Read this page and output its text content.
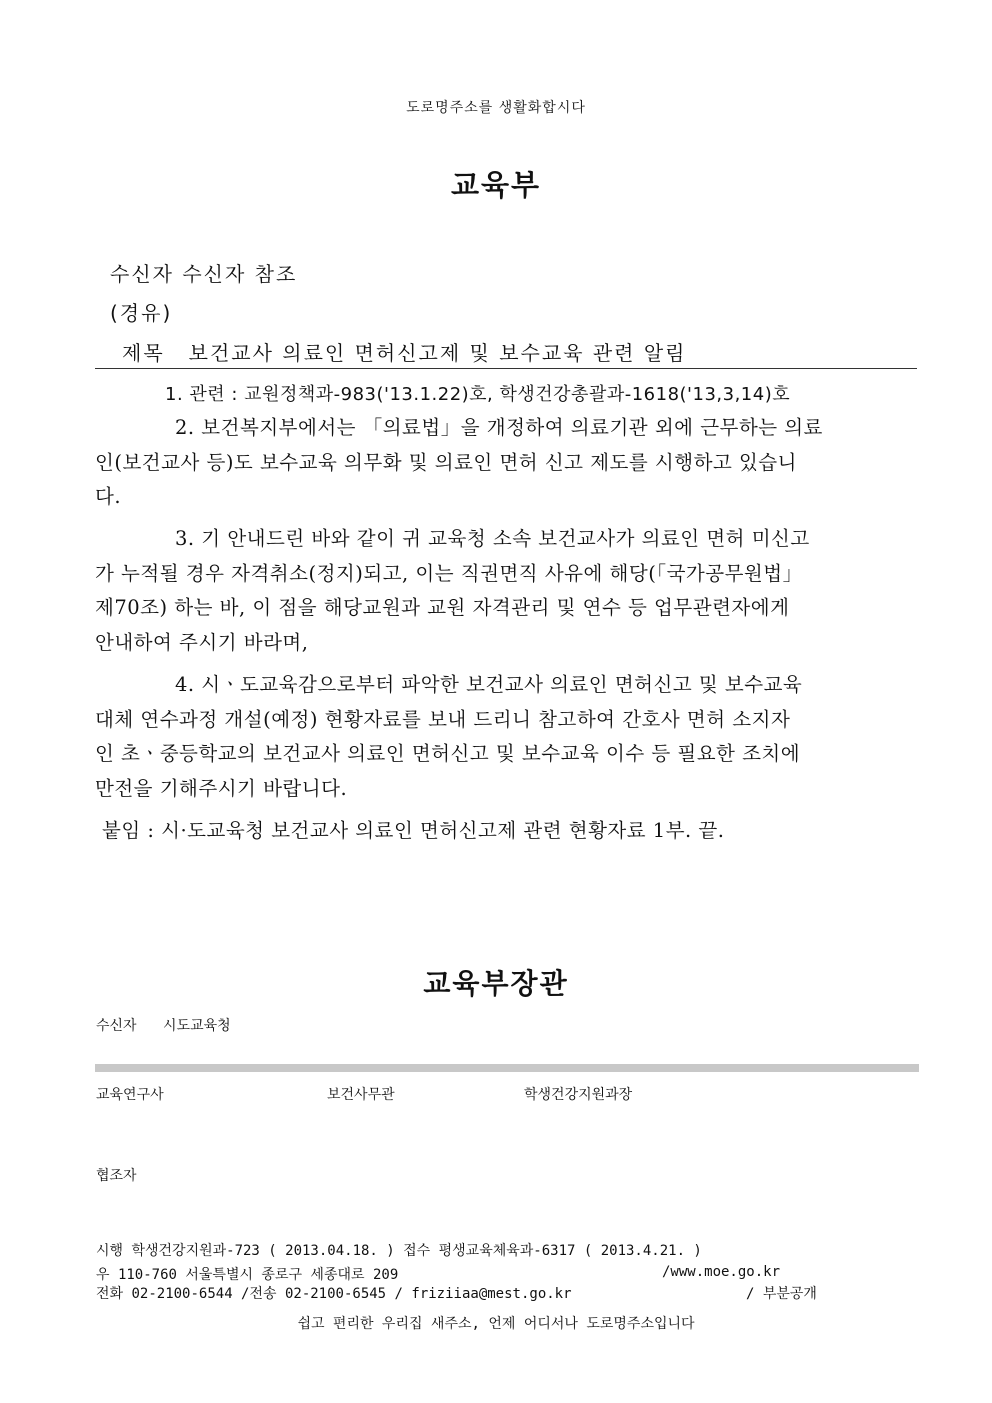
도로명주소를 생활화합시다
교육부
수신자 수신자 참조
(경유)
제목 보건교사 의료인 면허신고제 및 보수교육 관련 알림
1. 관련 : 교원정책과-983('13.1.22)호, 학생건강총괄과-1618('13,3,14)호
2. 보건복지부에서는 「의료법」을 개정하여 의료기관 외에 근무하는 의료
인(보건교사 등)도 보수교육 의무화 및 의료인 면허 신고 제도를 시행하고 있습니
다.
3. 기 안내드린 바와 같이 귀 교육청 소속 보건교사가 의료인 면허 미신고
가 누적될 경우 자격취소(정지)되고, 이는 직권면직 사유에 해당(「국가공무원법」
제70조) 하는 바, 이 점을 해당교원과 교원 자격관리 및 연수 등 업무관련자에게
안내하여 주시기 바라며,
4. 시ㆍ도교육감으로부터 파악한 보건교사 의료인 면허신고 및 보수교육
대체 연수과정 개설(예정) 현황자료를 보내 드리니 참고하여 간호사 면허 소지자
인 초ㆍ중등학교의 보건교사 의료인 면허신고 및 보수교육 이수 등 필요한 조치에
만전을 기해주시기 바랍니다.
붙임 : 시·도교육청 보건교사 의료인 면허신고제 관련 현황자료 1부. 끝.
교육부장관
수신자 시도교육청
교육연구사	보건사무관	학생건강지원과장
협조자
시행 학생건강지원과-723 ( 2013.04.18. ) 접수 평생교육체육과-6317 ( 2013.4.21. )
우 110-760 서울특별시 종로구 세종대로 209	/www.moe.go.kr
전화 02-2100-6544 /전송 02-2100-6545 / friziiaa@mest.go.kr	/ 부분공개
쉽고 편리한 우리집 새주소, 언제 어디서나 도로명주소입니다
